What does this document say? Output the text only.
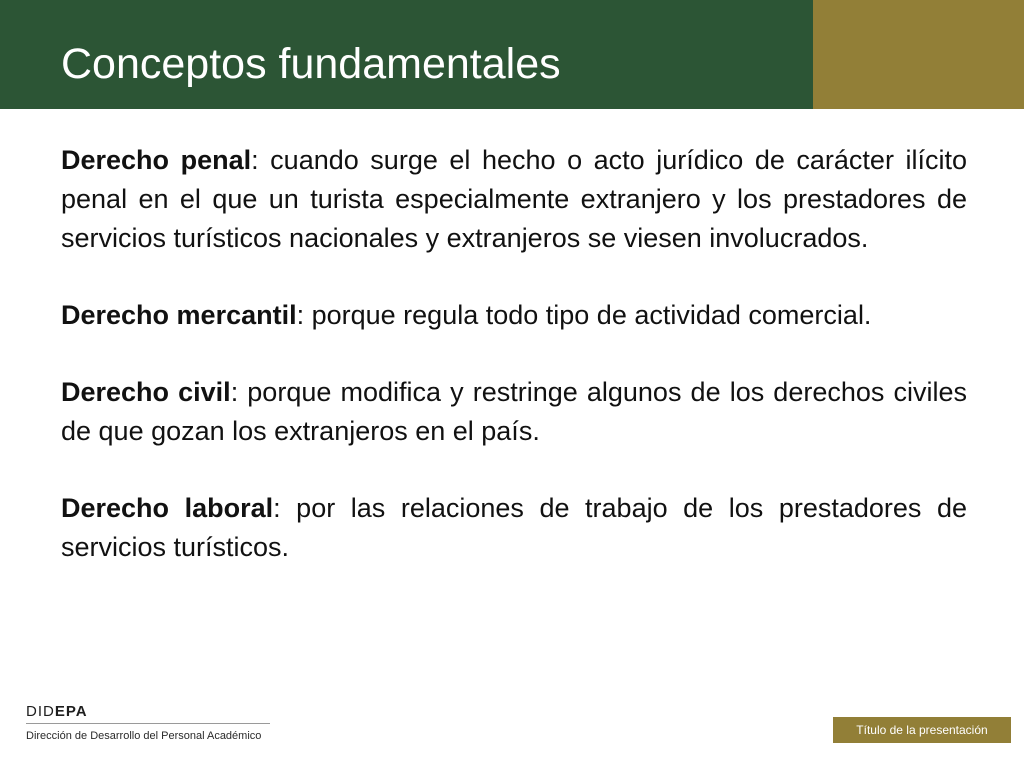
Conceptos fundamentales

Derecho penal: cuando surge el hecho o acto jurídico de carácter ilícito penal en el que un turista especialmente extranjero y los prestadores de servicios turísticos nacionales y extranjeros se viesen involucrados.

Derecho mercantil: porque regula todo tipo de actividad comercial.

Derecho civil: porque modifica y restringe algunos de los derechos civiles de que gozan los extranjeros en el país.

Derecho laboral: por las relaciones de trabajo de los prestadores de servicios turísticos.

DIDEPA
Dirección de Desarrollo del Personal Académico	Título de la presentación
